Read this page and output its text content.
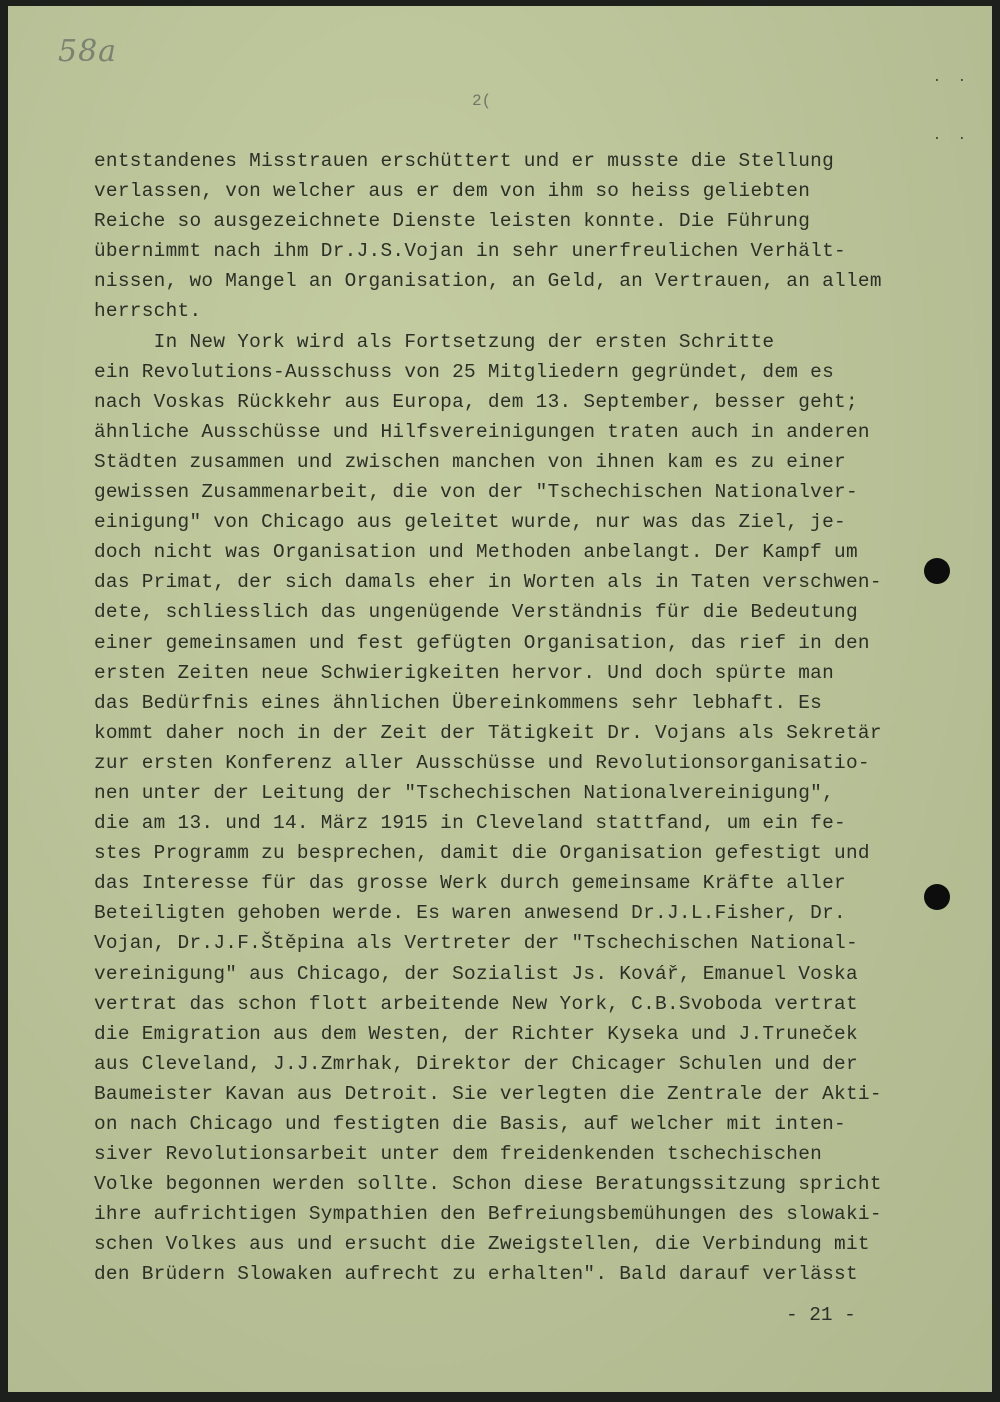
58a
2(
. .
. .
entstandenes Misstrauen erschüttert und er musste die Stellung
verlassen, von welcher aus er dem von ihm so heiss geliebten
Reiche so ausgezeichnete Dienste leisten konnte. Die Führung
übernimmt nach ihm Dr.J.S.Vojan in sehr unerfreulichen Verhält-
nissen, wo Mangel an Organisation, an Geld, an Vertrauen, an allem
herrscht.
In New York wird als Fortsetzung der ersten Schritte
ein Revolutions-Ausschuss von 25 Mitgliedern gegründet, dem es
nach Voskas Rückkehr aus Europa, dem 13. September, besser geht;
ähnliche Ausschüsse und Hilfsvereinigungen traten auch in anderen
Städten zusammen und zwischen manchen von ihnen kam es zu einer
gewissen Zusammenarbeit, die von der "Tschechischen Nationalver-
einigung" von Chicago aus geleitet wurde, nur was das Ziel, je-
doch nicht was Organisation und Methoden anbelangt. Der Kampf um
das Primat, der sich damals eher in Worten als in Taten verschwen-
dete, schliesslich das ungenügende Verständnis für die Bedeutung
einer gemeinsamen und fest gefügten Organisation, das rief in den
ersten Zeiten neue Schwierigkeiten hervor. Und doch spürte man
das Bedürfnis eines ähnlichen Übereinkommens sehr lebhaft. Es
kommt daher noch in der Zeit der Tätigkeit Dr. Vojans als Sekretär
zur ersten Konferenz aller Ausschüsse und Revolutionsorganisatio-
nen unter der Leitung der "Tschechischen Nationalvereinigung",
die am 13. und 14. März 1915 in Cleveland stattfand, um ein fe-
stes Programm zu besprechen, damit die Organisation gefestigt und
das Interesse für das grosse Werk durch gemeinsame Kräfte aller
Beteiligten gehoben werde. Es waren anwesend Dr.J.L.Fisher, Dr.
Vojan, Dr.J.F.Štěpina als Vertreter der "Tschechischen National-
vereinigung" aus Chicago, der Sozialist Js. Kovář, Emanuel Voska
vertrat das schon flott arbeitende New York, C.B.Svoboda vertrat
die Emigration aus dem Westen, der Richter Kyseka und J.Truneček
aus Cleveland, J.J.Zmrhak, Direktor der Chicager Schulen und der
Baumeister Kavan aus Detroit. Sie verlegten die Zentrale der Akti-
on nach Chicago und festigten die Basis, auf welcher mit inten-
siver Revolutionsarbeit unter dem freidenkenden tschechischen
Volke begonnen werden sollte. Schon diese Beratungssitzung spricht
ihre aufrichtigen Sympathien den Befreiungsbemühungen des slowaki-
schen Volkes aus und ersucht die Zweigstellen, die Verbindung mit
den Brüdern Slowaken aufrecht zu erhalten". Bald darauf verlässt
- 21 -
